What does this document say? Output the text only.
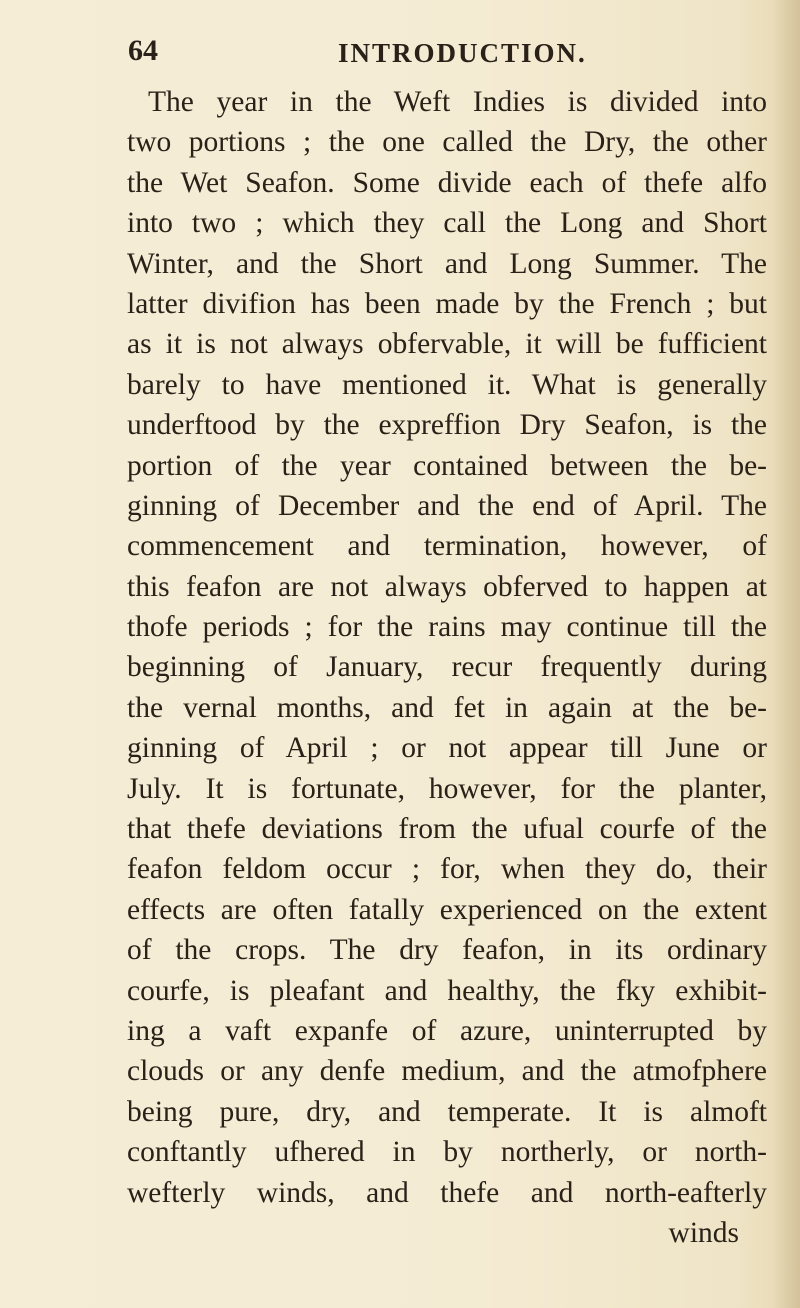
64	INTRODUCTION.
The year in the Weft Indies is divided into
two portions ; the one called the Dry, the other
the Wet Seafon. Some divide each of thefe alfo
into two ; which they call the Long and Short
Winter, and the Short and Long Summer. The
latter divifion has been made by the French ; but
as it is not always obfervable, it will be fufficient
barely to have mentioned it. What is generally
underftood by the expreffion Dry Seafon, is the
portion of the year contained between the be-
ginning of December and the end of April. The
commencement and termination, however, of
this feafon are not always obferved to happen at
thofe periods ; for the rains may continue till the
beginning of January, recur frequently during
the vernal months, and fet in again at the be-
ginning of April ; or not appear till June or
July. It is fortunate, however, for the planter,
that thefe deviations from the ufual courfe of the
feafon feldom occur ; for, when they do, their
effects are often fatally experienced on the extent
of the crops. The dry feafon, in its ordinary
courfe, is pleafant and healthy, the fky exhibit-
ing a vaft expanfe of azure, uninterrupted by
clouds or any denfe medium, and the atmofphere
being pure, dry, and temperate. It is almoft
conftantly ufhered in by northerly, or north-
wefterly winds, and thefe and north-eafterly
winds
